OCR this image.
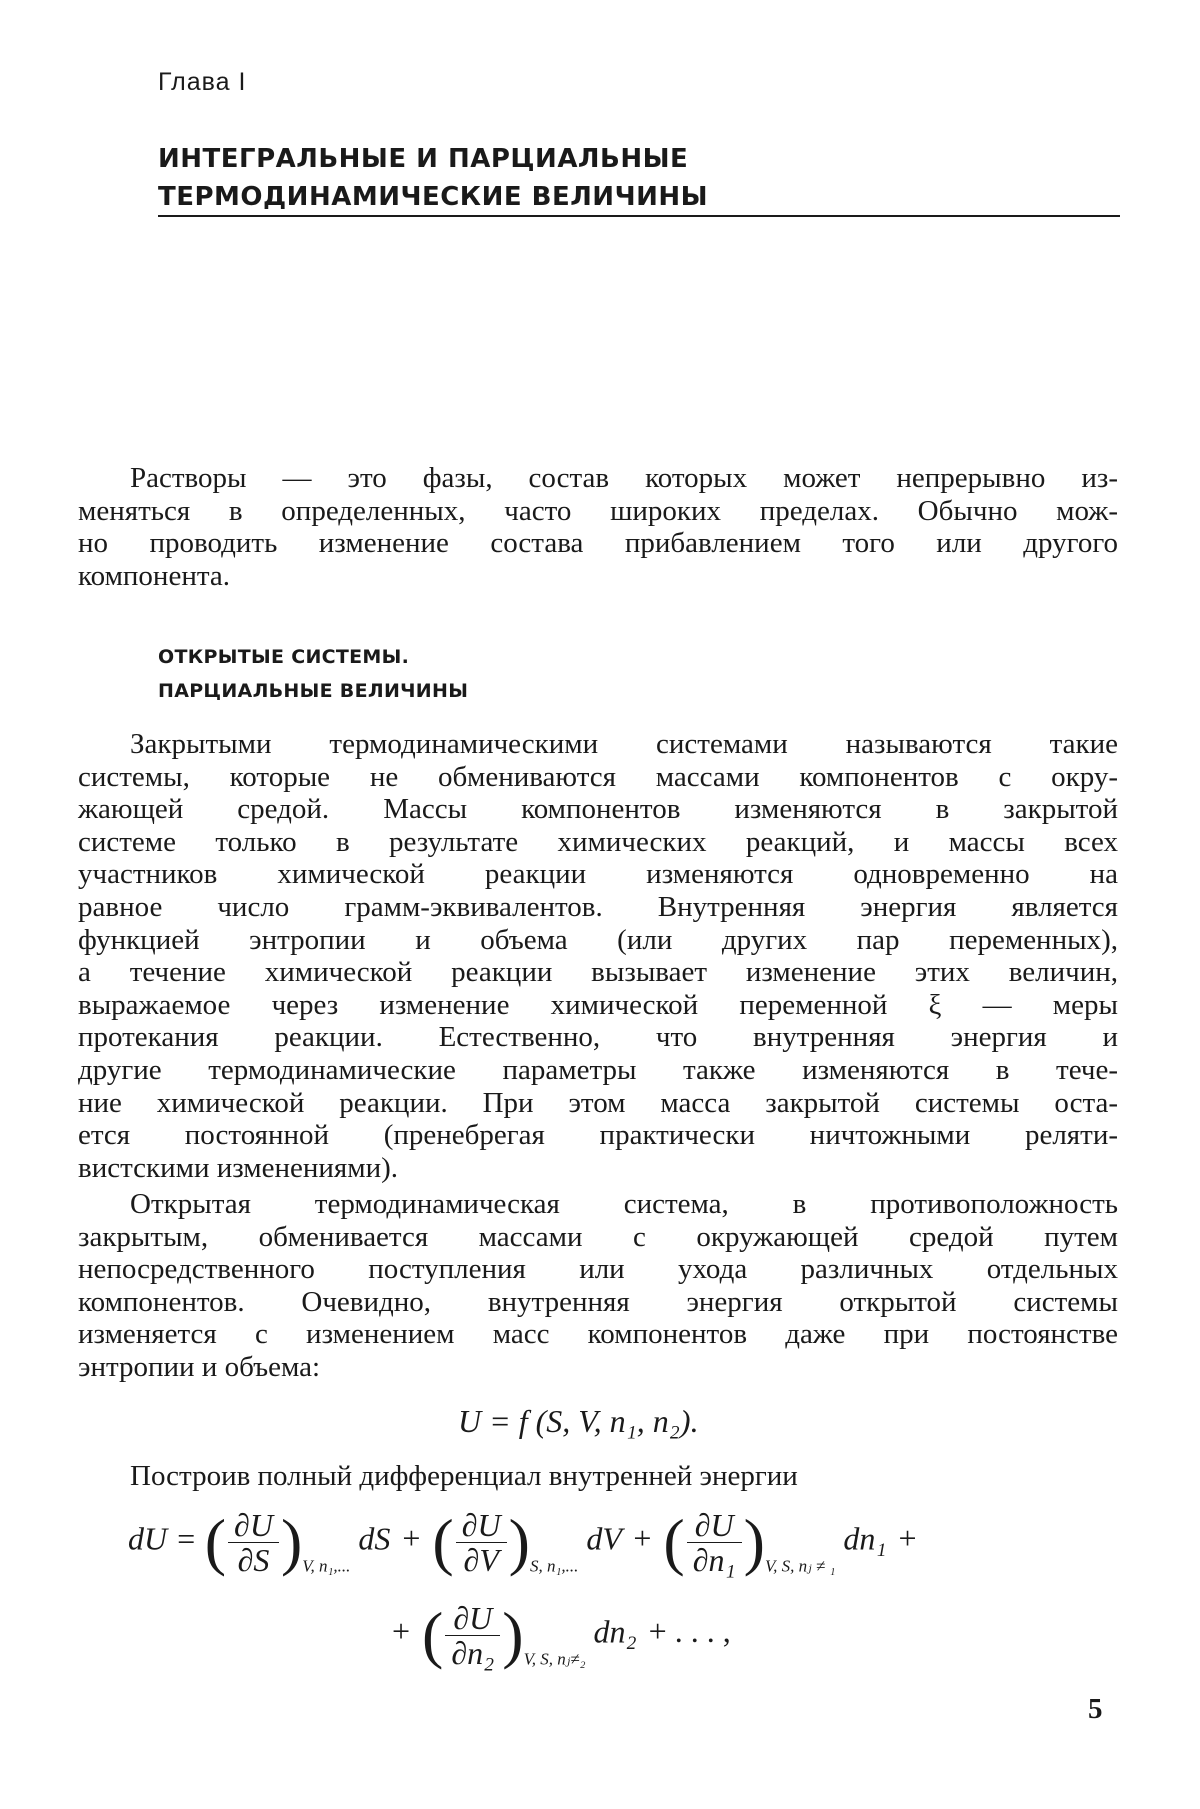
Глава I
ИНТЕГРАЛЬНЫЕ И ПАРЦИАЛЬНЫЕ
ТЕРМОДИНАМИЧЕСКИЕ ВЕЛИЧИНЫ
Растворы — это фазы, состав которых может непрерывно из-
меняться в определенных, часто широких пределах. Обычно мож-
но проводить изменение состава прибавлением того или другого
компонента.
ОТКРЫТЫЕ СИСТЕМЫ.
ПАРЦИАЛЬНЫЕ ВЕЛИЧИНЫ
Закрытыми термодинамическими системами называются такие
системы, которые не обмениваются массами компонентов с окру-
жающей средой. Массы компонентов изменяются в закрытой
системе только в результате химических реакций, и массы всех
участников химической реакции изменяются одновременно на
равное число грамм-эквивалентов. Внутренняя энергия является
функцией энтропии и объема (или других пар переменных),
а течение химической реакции вызывает изменение этих величин,
выражаемое через изменение химической переменной ξ — меры
протекания реакции. Естественно, что внутренняя энергия и
другие термодинамические параметры также изменяются в тече-
ние химической реакции. При этом масса закрытой системы оста-
ется постоянной (пренебрегая практически ничтожными реляти-
вистскими изменениями).
Открытая термодинамическая система, в противоположность
закрытым, обменивается массами с окружающей средой путем
непосредственного поступления или ухода различных отдельных
компонентов. Очевидно, внутренняя энергия открытой системы
изменяется с изменением масс компонентов даже при постоянстве
энтропии и объема:
U = f (S, V, n₁, n₂).
Построив полный дифференциал внутренней энергии
dU = ( $\frac{\partial U}{\partial S} )_{V, n_1,...}$ dS + ( $\frac{\partial U}{\partial V} )_{S, n_1,...}$ dV + ( $\frac{\partial U}{\text{∂n₁}} )_{V, S, nⱼ \ne _1}$ dn₁ +
+ ( $\frac{\partial U}{\text{∂n₂}} )_{V, S, nⱼ\ne_2}$ dn₂ + . . . ,
5
